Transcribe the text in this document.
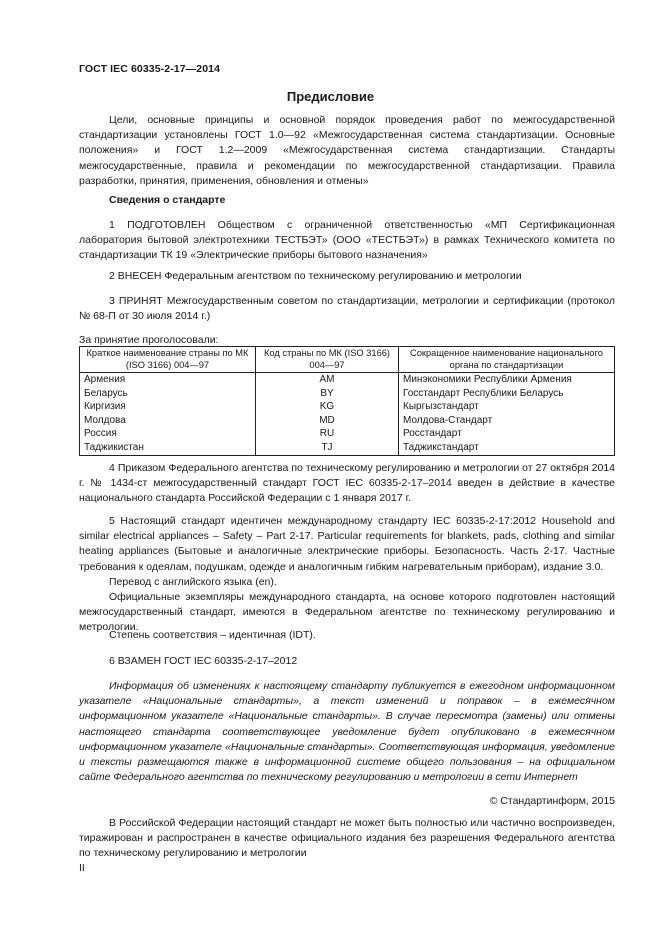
ГОСТ IEC 60335-2-17—2014
Предисловие
Цели, основные принципы и основной порядок проведения работ по межгосударственной стандартизации установлены ГОСТ 1.0—92 «Межгосударственная система стандартизации. Основные положения» и ГОСТ 1.2—2009 «Межгосударственная система стандартизации. Стандарты межгосударственные, правила и рекомендации по межгосударственной стандартизации. Правила разработки, принятия, применения, обновления и отмены»
Сведения о стандарте
1 ПОДГОТОВЛЕН Обществом с ограниченной ответственностью «МП Сертификационная лаборатория бытовой электротехники ТЕСТБЭТ» (ООО «ТЕСТБЭТ») в рамках Технического комитета по стандартизации ТК 19 «Электрические приборы бытового назначения»
2 ВНЕСЕН Федеральным агентством по техническому регулированию и метрологии
3 ПРИНЯТ Межгосударственным советом по стандартизации, метрологии и сертификации (протокол № 68-П от 30 июля 2014 г.)
За принятие проголосовали:
Краткое наименование страны по МК (ISO 3166) 004—97	Код страны по МК (ISO 3166) 004—97	Сокращенное наименование национального органа по стандартизации
Армения	AM	Минэкономики Республики Армения
Беларусь	BY	Госстандарт Республики Беларусь
Киргизия	KG	Кыргызстандарт
Молдова	MD	Молдова-Стандарт
Россия	RU	Росстандарт
Таджикистан	TJ	Таджикстандарт
4 Приказом Федерального агентства по техническому регулированию и метрологии от 27 октября 2014 г. № 1434-ст межгосударственный стандарт ГОСТ IEC 60335-2-17–2014 введен в действие в качестве национального стандарта Российской Федерации с 1 января 2017 г.
5 Настоящий стандарт идентичен международному стандарту IEC 60335-2-17:2012 Household and similar electrical appliances – Safety – Part 2-17. Particular requirements for blankets, pads, clothing and similar heating appliances (Бытовые и аналогичные электрические приборы. Безопасность. Часть 2-17. Частные требования к одеялам, подушкам, одежде и аналогичным гибким нагревательным приборам), издание 3.0.
Перевод с английского языка (en).
Официальные экземпляры международного стандарта, на основе которого подготовлен настоящий межгосударственный стандарт, имеются в Федеральном агентстве по техническому регулированию и метрологии.
Степень соответствия – идентичная (IDT).
6 ВЗАМЕН ГОСТ IEC 60335-2-17–2012
Информация об изменениях к настоящему стандарту публикуется в ежегодном информационном указателе «Национальные стандарты», а текст изменений и поправок – в ежемесячном информационном указателе «Национальные стандарты». В случае пересмотра (замены) или отмены настоящего стандарта соответствующее уведомление будет опубликовано в ежемесячном информационном указателе «Национальные стандарты». Соответствующая информация, уведомление и тексты размещаются также в информационной системе общего пользования – на официальном сайте Федерального агентства по техническому регулированию и метрологии в сети Интернет
© Стандартинформ, 2015
В Российской Федерации настоящий стандарт не может быть полностью или частично воспроизведен, тиражирован и распространен в качестве официального издания без разрешения Федерального агентства по техническому регулированию и метрологии
II
